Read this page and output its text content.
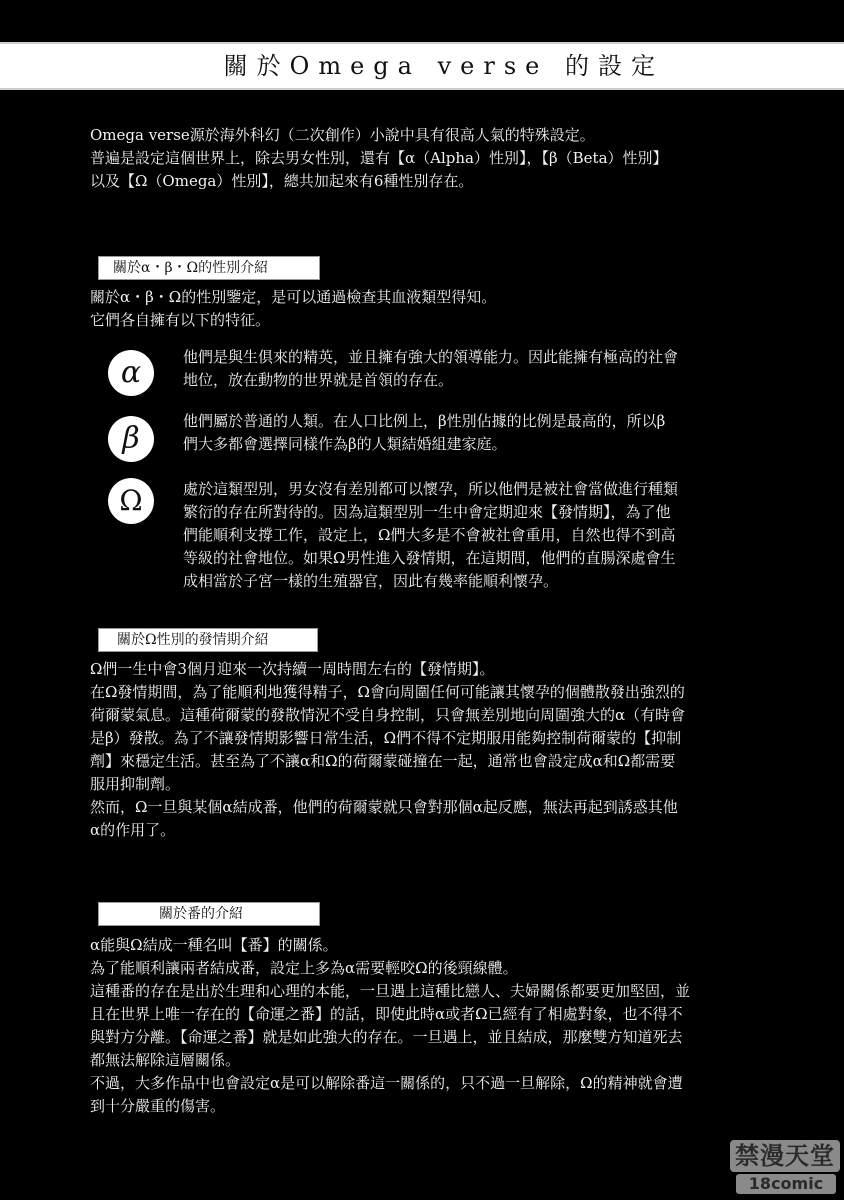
關於Omega verse 的設定

Omega verse源於海外科幻（二次創作）小說中具有很高人氣的特殊設定。

普遍是設定這個世界上，除去男女性別，還有【α（Alpha）性別】，【β（Beta）性別】

以及【Ω（Omega）性別】，總共加起來有6種性別存在。

關於α・β・Ω的性別介紹

關於α・β・Ω的性別鑒定，是可以通過檢查其血液類型得知。

它們各自擁有以下的特征。

α	他們是與生俱來的精英，並且擁有強大的領導能力。因此能擁有極高的社會

地位，放在動物的世界就是首領的存在。

β	他們屬於普通的人類。在人口比例上，β性別佔據的比例是最高的，所以β

們大多都會選擇同樣作為β的人類結婚組建家庭。

Ω	處於這類型別，男女沒有差別都可以懷孕，所以他們是被社會當做進行種類

繁衍的存在所對待的。因為這類型別一生中會定期迎來【發情期】，為了他

們能順利支撐工作，設定上，Ω們大多是不會被社會重用，自然也得不到高

等級的社會地位。如果Ω男性進入發情期，在這期間，他們的直腸深處會生

成相當於子宮一樣的生殖器官，因此有幾率能順利懷孕。

關於Ω性別的發情期介紹

Ω們一生中會3個月迎來一次持續一周時間左右的【發情期】。

在Ω發情期間，為了能順利地獲得精子，Ω會向周圍任何可能讓其懷孕的個體散發出強烈的

荷爾蒙氣息。這種荷爾蒙的發散情況不受自身控制，只會無差別地向周圍強大的α（有時會

是β）發散。為了不讓發情期影響日常生活，Ω們不得不定期服用能夠控制荷爾蒙的【抑制

劑】來穩定生活。甚至為了不讓α和Ω的荷爾蒙碰撞在一起，通常也會設定成α和Ω都需要

服用抑制劑。

然而，Ω一旦與某個α結成番，他們的荷爾蒙就只會對那個α起反應，無法再起到誘惑其他

α的作用了。

關於番的介紹

α能與Ω結成一種名叫【番】的關係。

為了能順利讓兩者結成番，設定上多為α需要輕咬Ω的後頸線體。

這種番的存在是出於生理和心理的本能，一旦遇上這種比戀人、夫婦關係都要更加堅固，並

且在世界上唯一存在的【命運之番】的話，即使此時α或者Ω已經有了相處對象，也不得不

與對方分離。【命運之番】就是如此強大的存在。一旦遇上，並且結成，那麼雙方知道死去

都無法解除這層關係。

不過，大多作品中也會設定α是可以解除番這一關係的，只不過一旦解除，Ω的精神就會遭

到十分嚴重的傷害。

禁漫天堂
18comic
